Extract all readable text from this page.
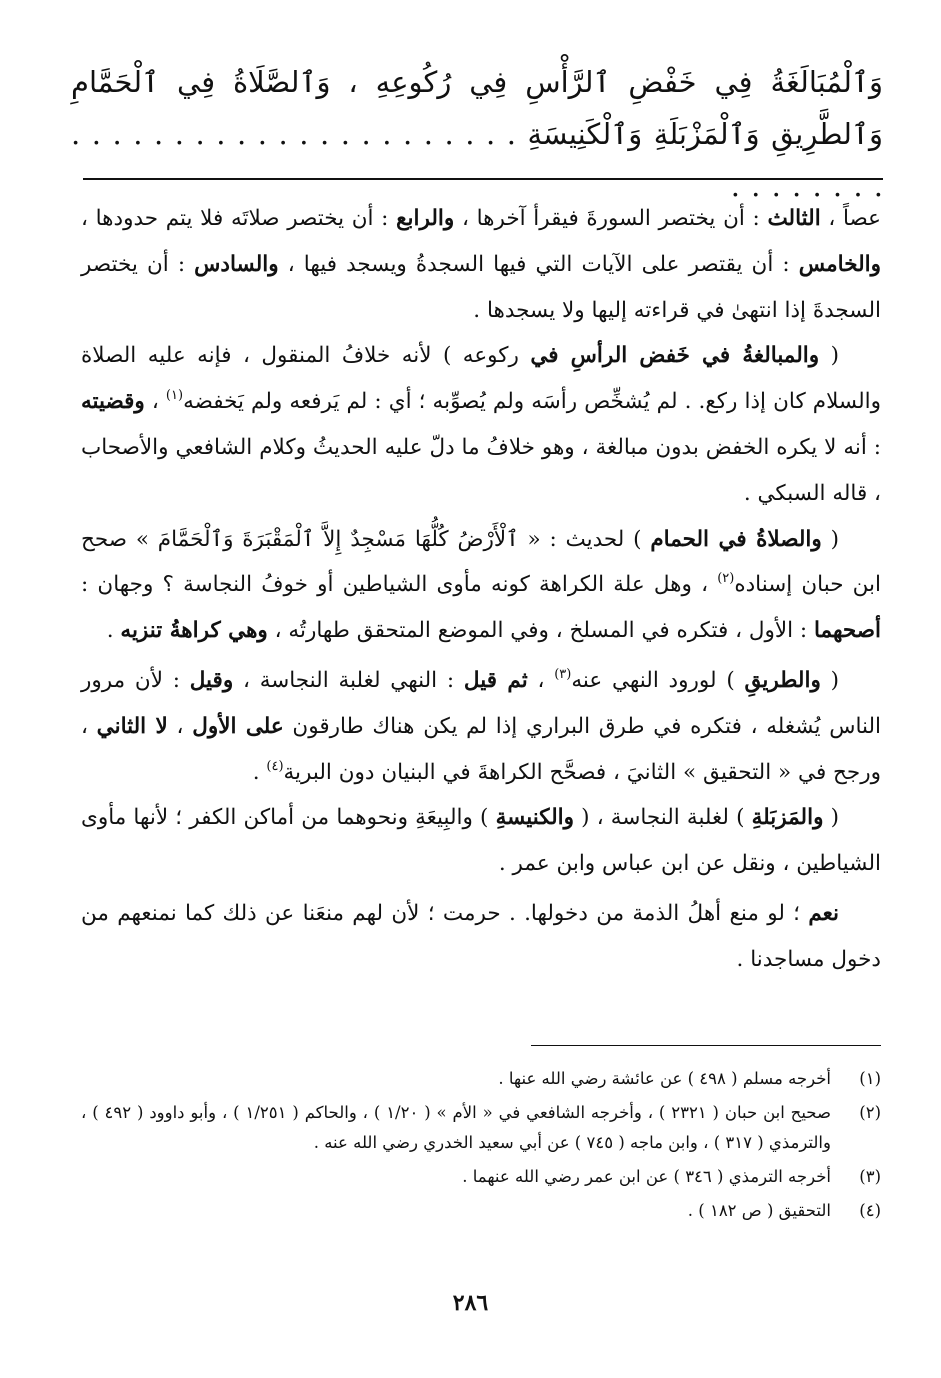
وَٱلْمُبَالَغَةُ فِي خَفْضِ ٱلرَّأْسِ فِي رُكُوعِهِ ، وَٱلصَّلَاةُ فِي ٱلْحَمَّامِ وَٱلطَّرِيقِ وَٱلْمَزْبَلَةِ وَٱلْكَنِيسَةِ . . . . . . . . . . . . . . . . . . . . . . . . . . . . . .

عصاً ، الثالث : أن يختصر السورةَ فيقرأ آخرها ، والرابع : أن يختصر صلاتَه فلا يتم حدودها ، والخامس : أن يقتصر على الآيات التي فيها السجدةُ ويسجد فيها ، والسادس : أن يختصر السجدةَ إذا انتهىٰ في قراءته إليها ولا يسجدها .

( والمبالغةُ في خَفض الرأسِ في ركوعه ) لأنه خلافُ المنقول ، فإنه عليه الصلاة والسلام كان إذا ركع. . لم يُشخِّص رأسَه ولم يُصوِّبه ؛ أي : لم يَرفعه ولم يَخفضه$^{(١)}$ ، وقضيته : أنه لا يكره الخفض بدون مبالغة ، وهو خلافُ ما دلّ عليه الحديثُ وكلام الشافعي والأصحاب ، قاله السبكي .

( والصلاةُ في الحمام ) لحديث : « ٱلْأَرْضُ كُلُّهَا مَسْجِدٌ إِلاَّ ٱلْمَقْبَرَةَ وَٱلْحَمَّامَ » صحح ابن حبان إسناده$^{(٢)}$ ، وهل علة الكراهة كونه مأوى الشياطين أو خوفُ النجاسة ؟ وجهان : أصحهما : الأول ، فتكره في المسلخ ، وفي الموضع المتحقق طهارتُه ، وهي كراهةُ تنزيه .

( والطريقِ ) لورود النهي عنه$^{(٣)}$ ، ثم قيل : النهي لغلبة النجاسة ، وقيل : لأن مرور الناس يُشغله ، فتكره في طرق البراري إذا لم يكن هناك طارقون على الأول ، لا الثاني ، ورجح في « التحقيق » الثانيَ ، فصحَّح الكراهةَ في البنيان دون البرية$^{(٤)}$ .

( والمَزبَلةِ ) لغلبة النجاسة ، ( والكنيسةِ ) والبِيعَةِ ونحوهما من أماكن الكفر ؛ لأنها مأوى الشياطين ، ونقل عن ابن عباس وابن عمر .

نعم ؛ لو منع أهلُ الذمة من دخولها. . حرمت ؛ لأن لهم منعَنا عن ذلك كما نمنعهم من دخول مساجدنا .

(١)
أخرجه مسلم ( ٤٩٨ ) عن عائشة رضي الله عنها .
(٢)
صحيح ابن حبان ( ٢٣٢١ ) ، وأخرجه الشافعي في « الأم » ( ١/٢٠ ) ، والحاكم ( ١/٢٥١ ) ، وأبو داوود ( ٤٩٢ ) ، والترمذي ( ٣١٧ ) ، وابن ماجه ( ٧٤٥ ) عن أبي سعيد الخدري رضي الله عنه .
(٣)
أخرجه الترمذي ( ٣٤٦ ) عن ابن عمر رضي الله عنهما .
(٤)
التحقيق ( ص ١٨٢ ) .
٢٨٦
